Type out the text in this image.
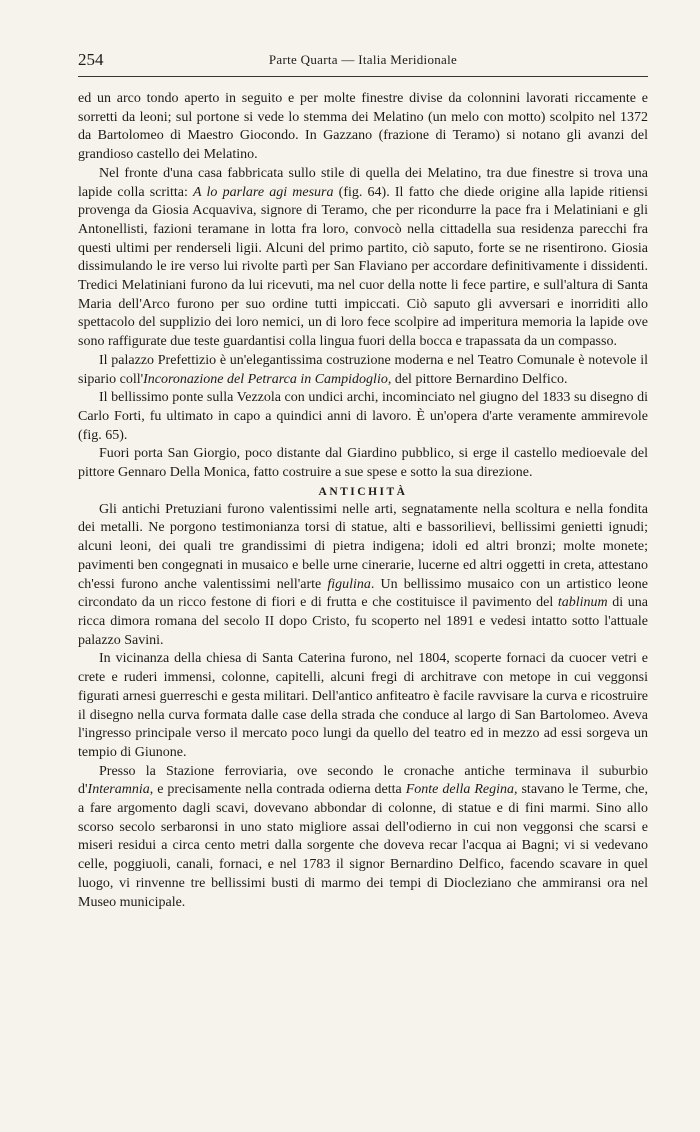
254	Parte Quarta — Italia Meridionale

ed un arco tondo aperto in seguito e per molte finestre divise da colonnini lavorati riccamente e sorretti da leoni; sul portone si vede lo stemma dei Melatino (un melo con motto) scolpito nel 1372 da Bartolomeo di Maestro Giocondo. In Gazzano (frazione di Teramo) si notano gli avanzi del grandioso castello dei Melatino.

Nel fronte d'una casa fabbricata sullo stile di quella dei Melatino, tra due finestre si trova una lapide colla scritta: A lo parlare agi mesura (fig. 64). Il fatto che diede origine alla lapide ritiensi provenga da Giosia Acquaviva, signore di Teramo, che per ricondurre la pace fra i Melatiniani e gli Antonellisti, fazioni teramane in lotta fra loro, convocò nella cittadella sua residenza parecchi fra questi ultimi per renderseli ligii. Alcuni del primo partito, ciò saputo, forte se ne risentirono. Giosia dissimulando le ire verso lui rivolte partì per San Flaviano per accordare definitivamente i dissidenti. Tredici Melatiniani furono da lui ricevuti, ma nel cuor della notte li fece partire, e sull'altura di Santa Maria dell'Arco furono per suo ordine tutti impiccati. Ciò saputo gli avversari e inorriditi allo spettacolo del supplizio dei loro nemici, un di loro fece scolpire ad imperitura memoria la lapide ove sono raffigurate due teste guardantisi colla lingua fuori della bocca e trapassata da un compasso.

Il palazzo Prefettizio è un'elegantissima costruzione moderna e nel Teatro Comunale è notevole il sipario coll'Incoronazione del Petrarca in Campidoglio, del pittore Bernardino Delfico.

Il bellissimo ponte sulla Vezzola con undici archi, incominciato nel giugno del 1833 su disegno di Carlo Forti, fu ultimato in capo a quindici anni di lavoro. È un'opera d'arte veramente ammirevole (fig. 65).

Fuori porta San Giorgio, poco distante dal Giardino pubblico, si erge il castello medioevale del pittore Gennaro Della Monica, fatto costruire a sue spese e sotto la sua direzione.

ANTICHITÀ

Gli antichi Pretuziani furono valentissimi nelle arti, segnatamente nella scoltura e nella fondita dei metalli. Ne porgono testimonianza torsi di statue, alti e bassorilievi, bellissimi genietti ignudi; alcuni leoni, dei quali tre grandissimi di pietra indigena; idoli ed altri bronzi; molte monete; pavimenti ben congegnati in musaico e belle urne cinerarie, lucerne ed altri oggetti in creta, attestano ch'essi furono anche valentissimi nell'arte figulina. Un bellissimo musaico con un artistico leone circondato da un ricco festone di fiori e di frutta e che costituisce il pavimento del tablinum di una ricca dimora romana del secolo II dopo Cristo, fu scoperto nel 1891 e vedesi intatto sotto l'attuale palazzo Savini.

In vicinanza della chiesa di Santa Caterina furono, nel 1804, scoperte fornaci da cuocer vetri e crete e ruderi immensi, colonne, capitelli, alcuni fregi di architrave con metope in cui veggonsi figurati arnesi guerreschi e gesta militari. Dell'antico anfiteatro è facile ravvisare la curva e ricostruire il disegno nella curva formata dalle case della strada che conduce al largo di San Bartolomeo. Aveva l'ingresso principale verso il mercato poco lungi da quello del teatro ed in mezzo ad essi sorgeva un tempio di Giunone.

Presso la Stazione ferroviaria, ove secondo le cronache antiche terminava il suburbio d'Interamnia, e precisamente nella contrada odierna detta Fonte della Regina, stavano le Terme, che, a fare argomento dagli scavi, dovevano abbondar di colonne, di statue e di fini marmi. Sino allo scorso secolo serbaronsi in uno stato migliore assai dell'odierno in cui non veggonsi che scarsi e miseri residui a circa cento metri dalla sorgente che doveva recar l'acqua ai Bagni; vi si vedevano celle, poggiuoli, canali, fornaci, e nel 1783 il signor Bernardino Delfico, facendo scavare in quel luogo, vi rinvenne tre bellissimi busti di marmo dei tempi di Diocleziano che ammiransi ora nel Museo municipale.
